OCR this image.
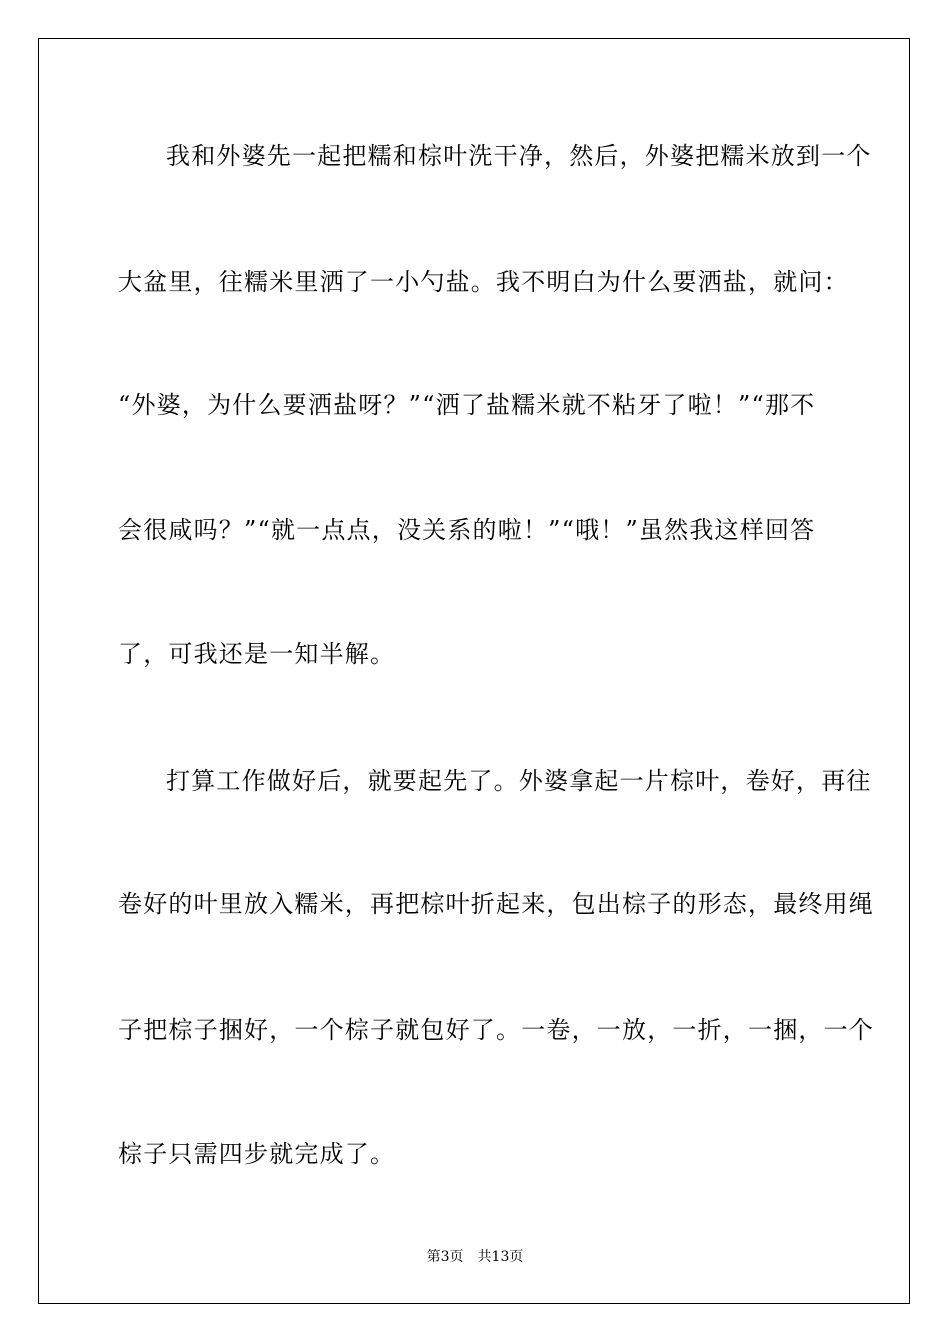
我和外婆先一起把糯和棕叶洗干净，然后，外婆把糯米放到一个
大盆里，往糯米里洒了一小勺盐。我不明白为什么要洒盐，就问：
“外婆，为什么要洒盐呀？”“洒了盐糯米就不粘牙了啦！”“那不
会很咸吗？”“就一点点，没关系的啦！”“哦！”虽然我这样回答
了，可我还是一知半解。
打算工作做好后，就要起先了。外婆拿起一片棕叶，卷好，再往
卷好的叶里放入糯米，再把棕叶折起来，包出棕子的形态，最终用绳
子把棕子捆好，一个棕子就包好了。一卷，一放，一折，一捆，一个
棕子只需四步就完成了。
第3页 共13页
